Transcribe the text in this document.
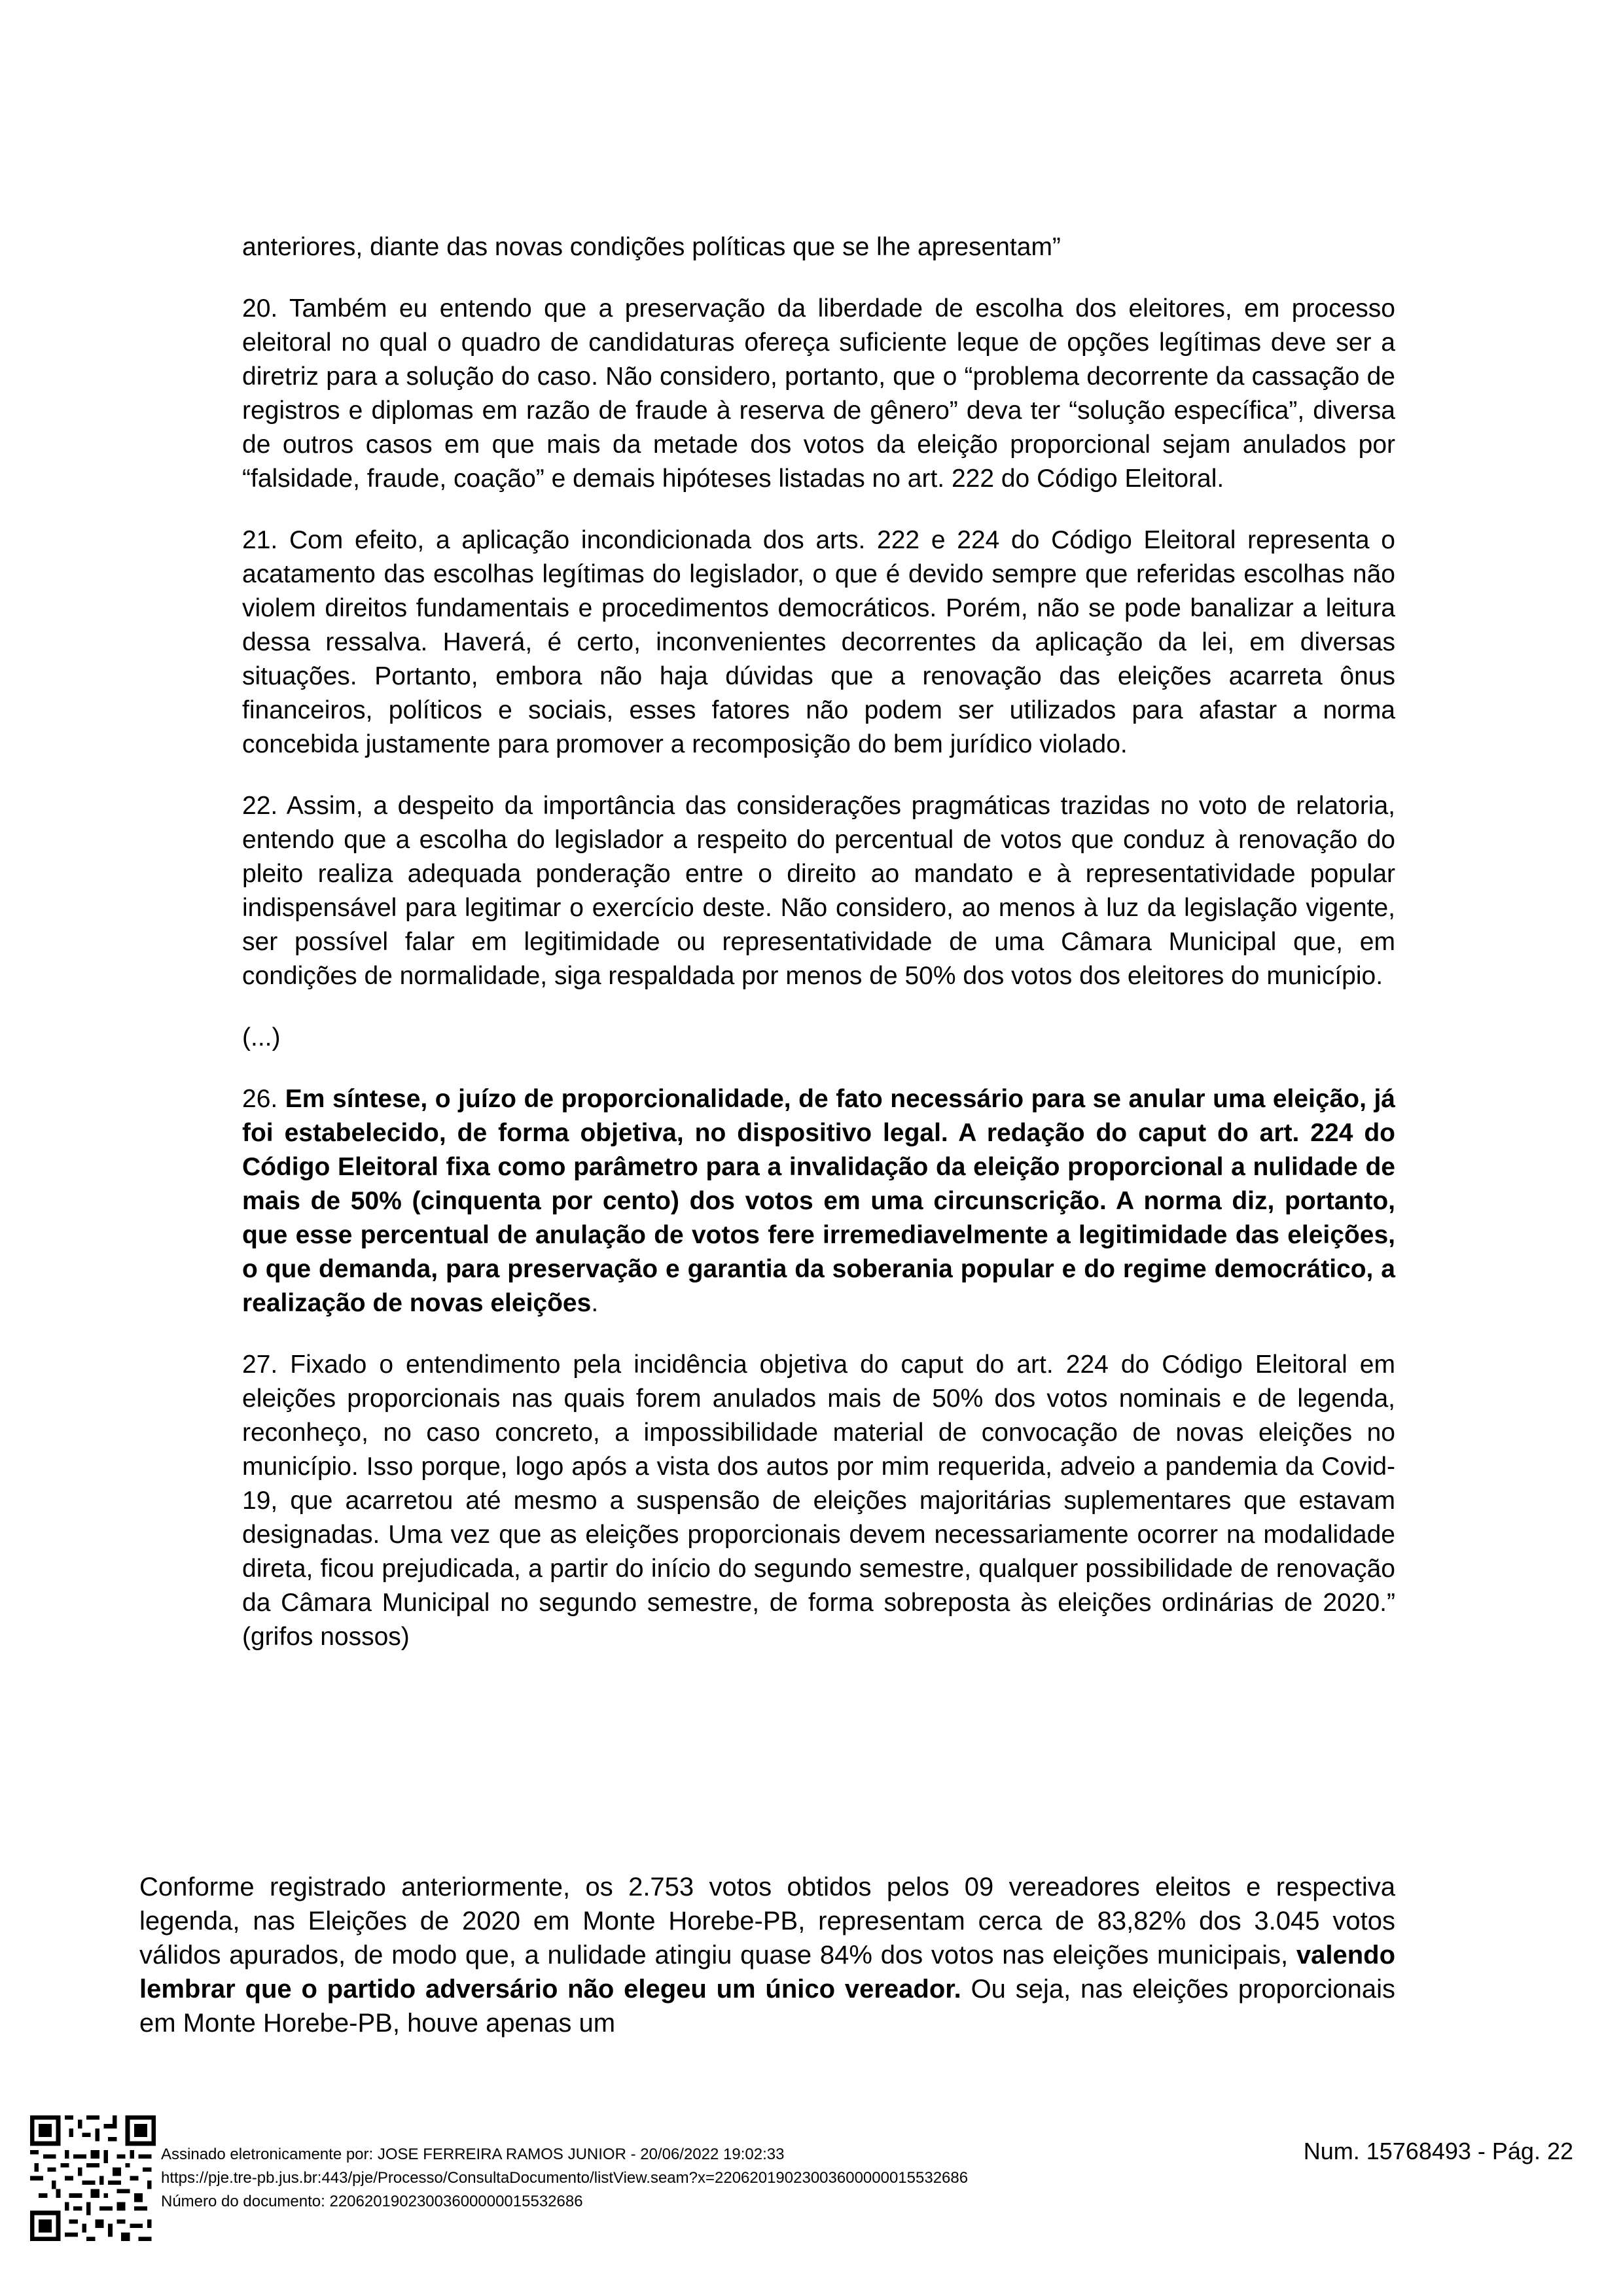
anteriores, diante das novas condições políticas que se lhe apresentam”

20. Também eu entendo que a preservação da liberdade de escolha dos eleitores, em processo eleitoral no qual o quadro de candidaturas ofereça suficiente leque de opções legítimas deve ser a diretriz para a solução do caso. Não considero, portanto, que o “problema decorrente da cassação de registros e diplomas em razão de fraude à reserva de gênero” deva ter “solução específica”, diversa de outros casos em que mais da metade dos votos da eleição proporcional sejam anulados por “falsidade, fraude, coação” e demais hipóteses listadas no art. 222 do Código Eleitoral.

21. Com efeito, a aplicação incondicionada dos arts. 222 e 224 do Código Eleitoral representa o acatamento das escolhas legítimas do legislador, o que é devido sempre que referidas escolhas não violem direitos fundamentais e procedimentos democráticos. Porém, não se pode banalizar a leitura dessa ressalva. Haverá, é certo, inconvenientes decorrentes da aplicação da lei, em diversas situações. Portanto, embora não haja dúvidas que a renovação das eleições acarreta ônus financeiros, políticos e sociais, esses fatores não podem ser utilizados para afastar a norma concebida justamente para promover a recomposição do bem jurídico violado.

22. Assim, a despeito da importância das considerações pragmáticas trazidas no voto de relatoria, entendo que a escolha do legislador a respeito do percentual de votos que conduz à renovação do pleito realiza adequada ponderação entre o direito ao mandato e à representatividade popular indispensável para legitimar o exercício deste. Não considero, ao menos à luz da legislação vigente, ser possível falar em legitimidade ou representatividade de uma Câmara Municipal que, em condições de normalidade, siga respaldada por menos de 50% dos votos dos eleitores do município.

(...)

26. Em síntese, o juízo de proporcionalidade, de fato necessário para se anular uma eleição, já foi estabelecido, de forma objetiva, no dispositivo legal. A redação do caput do art. 224 do Código Eleitoral fixa como parâmetro para a invalidação da eleição proporcional a nulidade de mais de 50% (cinquenta por cento) dos votos em uma circunscrição. A norma diz, portanto, que esse percentual de anulação de votos fere irremediavelmente a legitimidade das eleições, o que demanda, para preservação e garantia da soberania popular e do regime democrático, a realização de novas eleições.

27. Fixado o entendimento pela incidência objetiva do caput do art. 224 do Código Eleitoral em eleições proporcionais nas quais forem anulados mais de 50% dos votos nominais e de legenda, reconheço, no caso concreto, a impossibilidade material de convocação de novas eleições no município. Isso porque, logo após a vista dos autos por mim requerida, adveio a pandemia da Covid-19, que acarretou até mesmo a suspensão de eleições majoritárias suplementares que estavam designadas. Uma vez que as eleições proporcionais devem necessariamente ocorrer na modalidade direta, ficou prejudicada, a partir do início do segundo semestre, qualquer possibilidade de renovação da Câmara Municipal no segundo semestre, de forma sobreposta às eleições ordinárias de 2020.” (grifos nossos)

Conforme registrado anteriormente, os 2.753 votos obtidos pelos 09 vereadores eleitos e respectiva legenda, nas Eleições de 2020 em Monte Horebe-PB, representam cerca de 83,82% dos 3.045 votos válidos apurados, de modo que, a nulidade atingiu quase 84% dos votos nas eleições municipais, valendo lembrar que o partido adversário não elegeu um único vereador. Ou seja, nas eleições proporcionais em Monte Horebe-PB, houve apenas um

Assinado eletronicamente por: JOSE FERREIRA RAMOS JUNIOR - 20/06/2022 19:02:33
https://pje.tre-pb.jus.br:443/pje/Processo/ConsultaDocumento/listView.seam?x=22062019023003600000015532686
Número do documento: 22062019023003600000015532686
Num. 15768493 - Pág. 22
